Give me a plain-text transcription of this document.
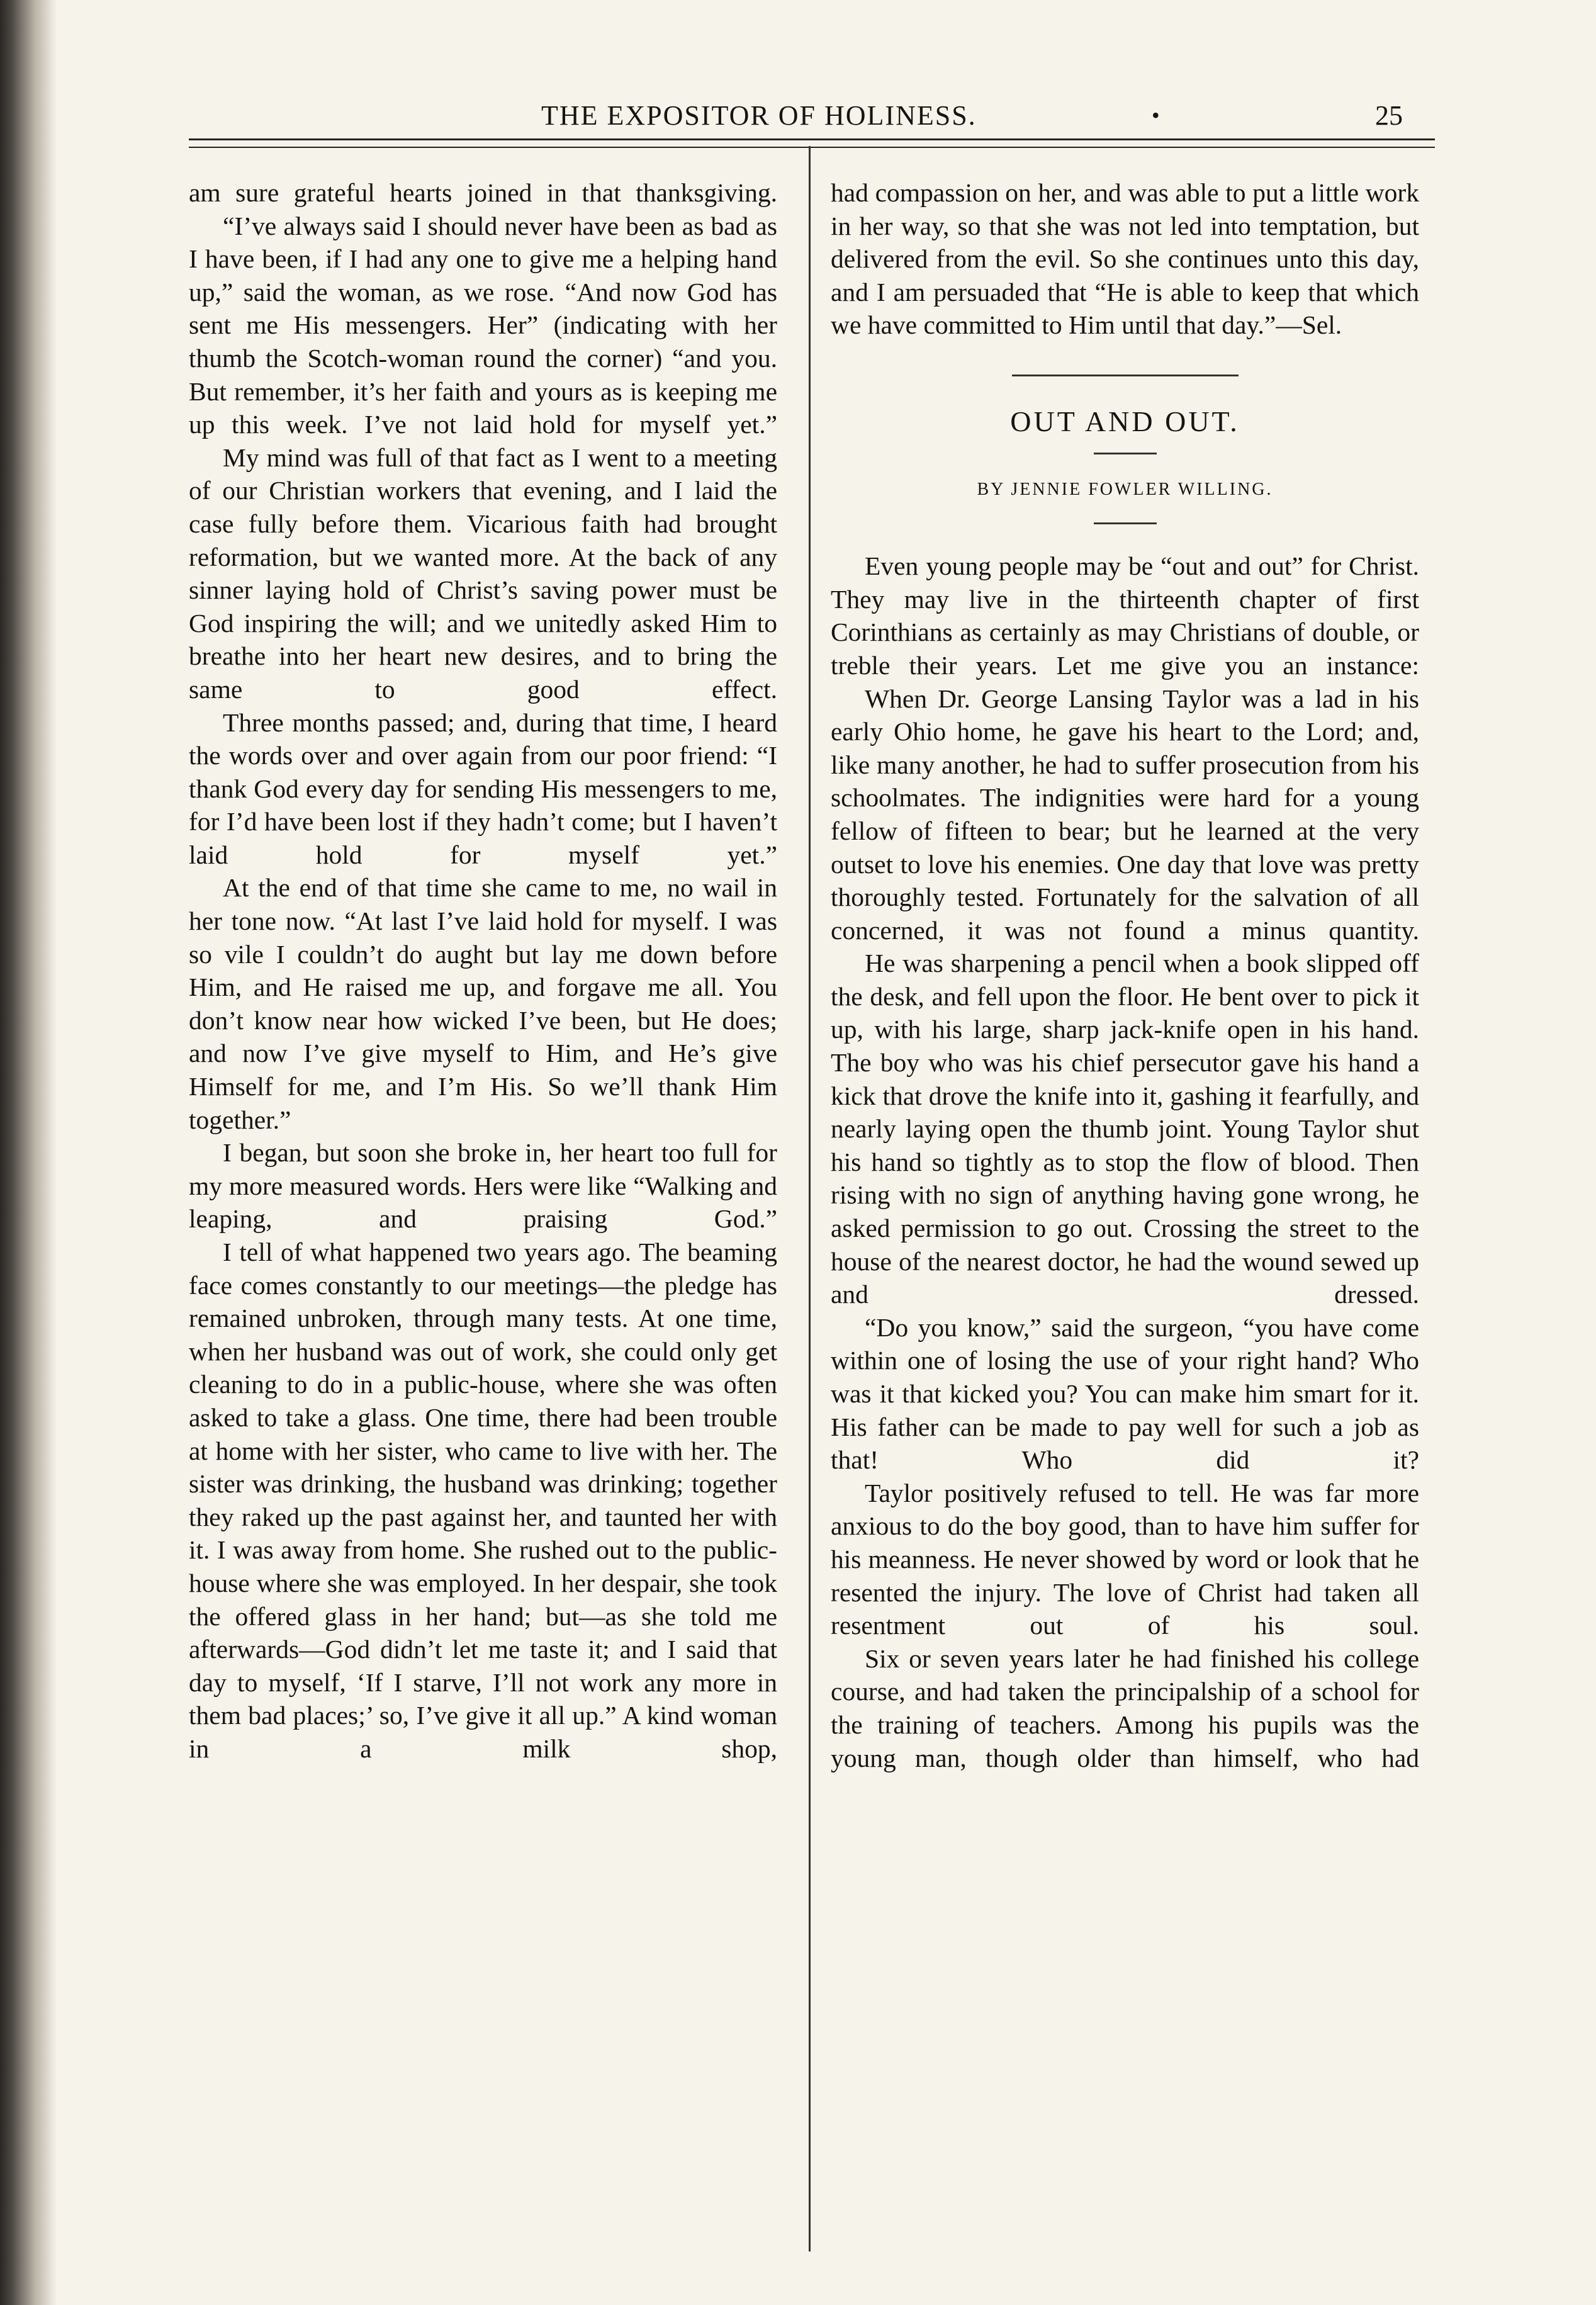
THE EXPOSITOR OF HOLINESS.	•	25

am sure grateful hearts joined in that thanksgiving.

“I’ve always said I should never have been as bad as I have been, if I had any one to give me a helping hand up,” said the woman, as we rose. “And now God has sent me His messengers. Her” (indicating with her thumb the Scotch-woman round the corner) “and you. But remember, it’s her faith and yours as is keeping me up this week. I’ve not laid hold for myself yet.”

My mind was full of that fact as I went to a meeting of our Christian workers that evening, and I laid the case fully before them. Vicarious faith had brought reformation, but we wanted more. At the back of any sinner laying hold of Christ’s saving power must be God inspiring the will; and we unitedly asked Him to breathe into her heart new desires, and to bring the same to good effect.

Three months passed; and, during that time, I heard the words over and over again from our poor friend: “I thank God every day for sending His messengers to me, for I’d have been lost if they hadn’t come; but I haven’t laid hold for myself yet.”

At the end of that time she came to me, no wail in her tone now. “At last I’ve laid hold for myself. I was so vile I couldn’t do aught but lay me down before Him, and He raised me up, and forgave me all. You don’t know near how wicked I’ve been, but He does; and now I’ve give myself to Him, and He’s give Himself for me, and I’m His. So we’ll thank Him together.”

I began, but soon she broke in, her heart too full for my more measured words. Hers were like “Walking and leaping, and praising God.”

I tell of what happened two years ago. The beaming face comes constantly to our meetings—the pledge has remained unbroken, through many tests. At one time, when her husband was out of work, she could only get cleaning to do in a public-house, where she was often asked to take a glass. One time, there had been trouble at home with her sister, who came to live with her. The sister was drinking, the husband was drinking; together they raked up the past against her, and taunted her with it. I was away from home. She rushed out to the public-house where she was employed. In her despair, she took the offered glass in her hand; but—as she told me afterwards—God didn’t let me taste it; and I said that day to myself, ‘If I starve, I’ll not work any more in them bad places;’ so, I’ve give it all up.” A kind woman in a milk shop,

had compassion on her, and was able to put a little work in her way, so that she was not led into temptation, but delivered from the evil. So she continues unto this day, and I am persuaded that “He is able to keep that which we have committed to Him until that day.”—Sel.

OUT AND OUT.
BY JENNIE FOWLER WILLING.

Even young people may be “out and out” for Christ. They may live in the thirteenth chapter of first Corinthians as certainly as may Christians of double, or treble their years. Let me give you an instance:

When Dr. George Lansing Taylor was a lad in his early Ohio home, he gave his heart to the Lord; and, like many another, he had to suffer prosecution from his schoolmates. The indignities were hard for a young fellow of fifteen to bear; but he learned at the very outset to love his enemies. One day that love was pretty thoroughly tested. Fortunately for the salvation of all concerned, it was not found a minus quantity.

He was sharpening a pencil when a book slipped off the desk, and fell upon the floor. He bent over to pick it up, with his large, sharp jack-knife open in his hand. The boy who was his chief persecutor gave his hand a kick that drove the knife into it, gashing it fearfully, and nearly laying open the thumb joint. Young Taylor shut his hand so tightly as to stop the flow of blood. Then rising with no sign of anything having gone wrong, he asked permission to go out. Crossing the street to the house of the nearest doctor, he had the wound sewed up and dressed.

“Do you know,” said the surgeon, “you have come within one of losing the use of your right hand? Who was it that kicked you? You can make him smart for it. His father can be made to pay well for such a job as that! Who did it?

Taylor positively refused to tell. He was far more anxious to do the boy good, than to have him suffer for his meanness. He never showed by word or look that he resented the injury. The love of Christ had taken all resentment out of his soul.

Six or seven years later he had finished his college course, and had taken the principalship of a school for the training of teachers. Among his pupils was the young man, though older than himself, who had
